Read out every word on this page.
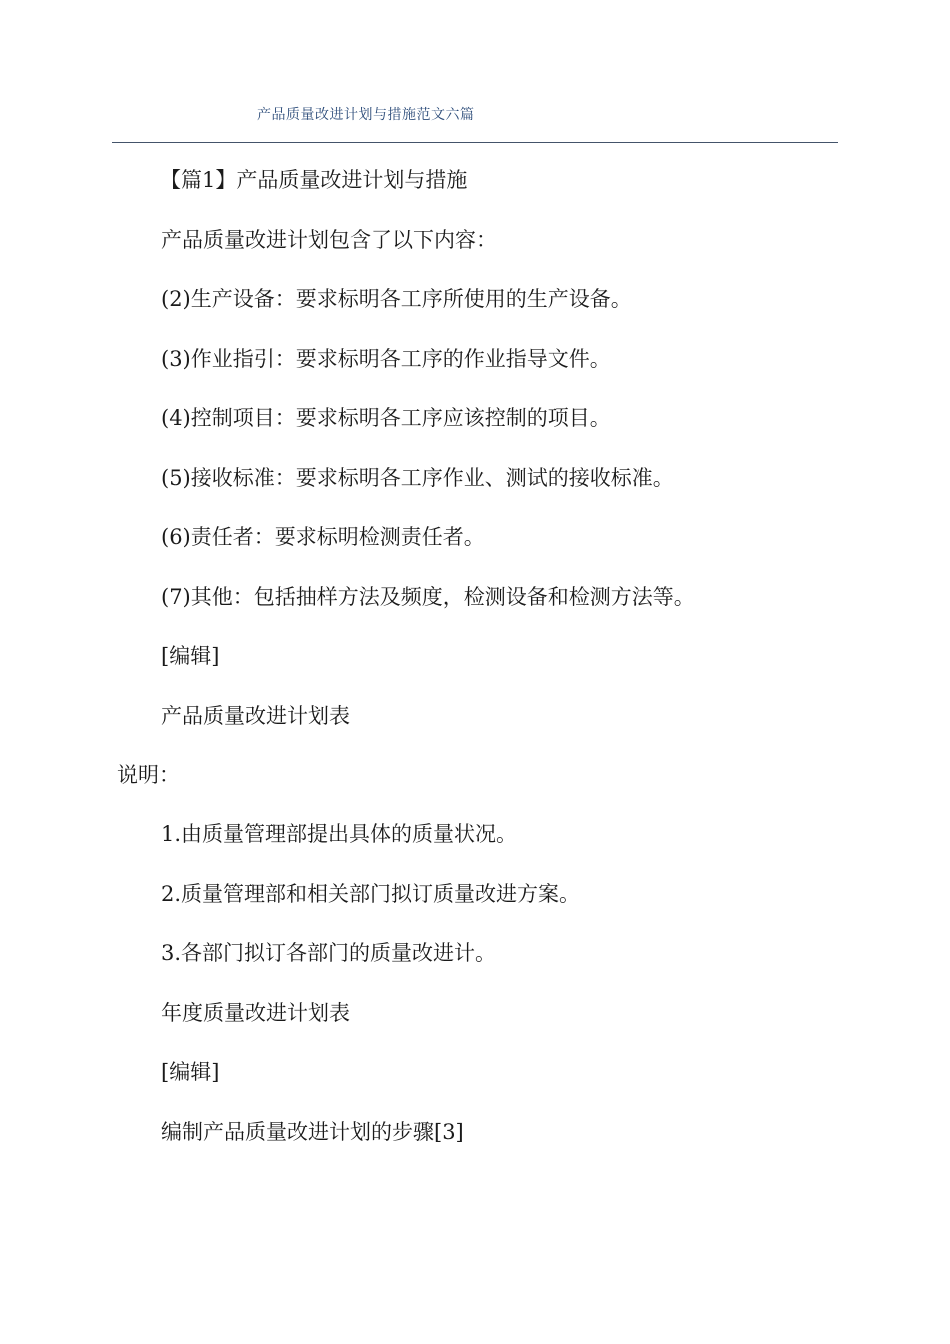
产品质量改进计划与措施范文六篇
【篇1】产品质量改进计划与措施
产品质量改进计划包含了以下内容：
(2)生产设备：要求标明各工序所使用的生产设备。
(3)作业指引：要求标明各工序的作业指导文件。
(4)控制项目：要求标明各工序应该控制的项目。
(5)接收标准：要求标明各工序作业、测试的接收标准。
(6)责任者：要求标明检测责任者。
(7)其他：包括抽样方法及频度，检测设备和检测方法等。
[编辑]
产品质量改进计划表
说明：
1.由质量管理部提出具体的质量状况。
2.质量管理部和相关部门拟订质量改进方案。
3.各部门拟订各部门的质量改进计。
年度质量改进计划表
[编辑]
编制产品质量改进计划的步骤[3]
